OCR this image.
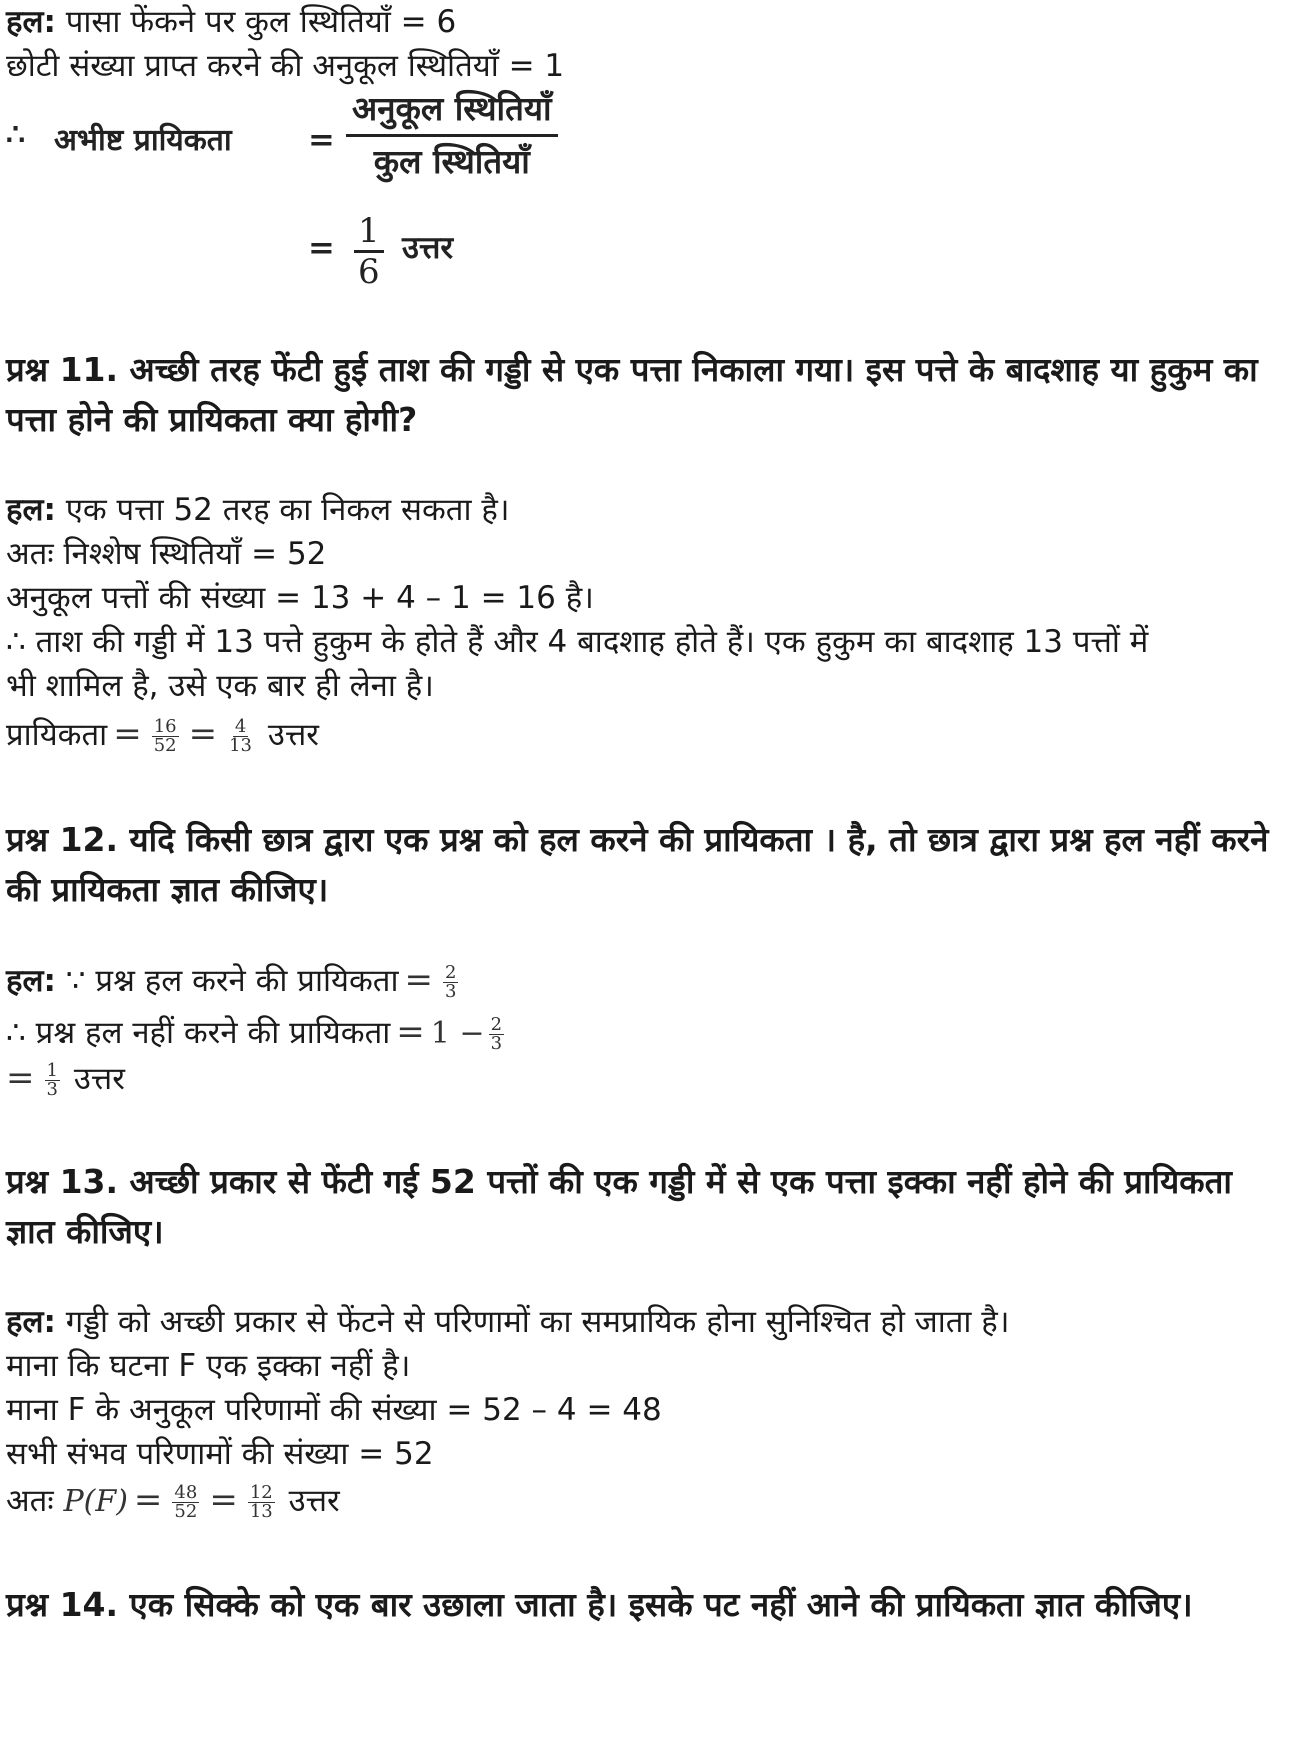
हल: पासा फेंकने पर कुल स्थितियाँ = 6
छोटी संख्या प्राप्त करने की अनुकूल स्थितियाँ = 1
∴ अभीष्ट प्रायिकता =
अनुकूल स्थितियाँ
कुल स्थितियाँ
= $\frac{1}{6}$ उत्तर
प्रश्न 11. अच्छी तरह फेंटी हुई ताश की गड्डी से एक पत्ता निकाला गया। इस पत्ते के बादशाह या हुकुम का पत्ता होने की प्रायिकता क्या होगी?
हल: एक पत्ता 52 तरह का निकल सकता है।
अतः निश्शेष स्थितियाँ = 52
अनुकूल पत्तों की संख्या = 13 + 4 – 1 = 16 है।
∴ ताश की गड्डी में 13 पत्ते हुकुम के होते हैं और 4 बादशाह होते हैं। एक हुकुम का बादशाह 13 पत्तों में
भी शामिल है, उसे एक बार ही लेना है।
प्रायिकता = $\frac{16}{52} = \frac{4}{13}$ उत्तर
प्रश्न 12. यदि किसी छात्र द्वारा एक प्रश्न को हल करने की प्रायिकता । है, तो छात्र द्वारा प्रश्न हल नहीं करने की प्रायिकता ज्ञात कीजिए।
हल: ∵ प्रश्न हल करने की प्रायिकता = $\frac{2}{3}$
∴ प्रश्न हल नहीं करने की प्रायिकता = $1 - \frac{2}{3}$
= $\frac{1}{3}$ उत्तर
प्रश्न 13. अच्छी प्रकार से फेंटी गई 52 पत्तों की एक गड्डी में से एक पत्ता इक्का नहीं होने की प्रायिकता ज्ञात कीजिए।
हल: गड्डी को अच्छी प्रकार से फेंटने से परिणामों का समप्रायिक होना सुनिश्चित हो जाता है।
माना कि घटना F एक इक्का नहीं है।
माना F के अनुकूल परिणामों की संख्या = 52 – 4 = 48
सभी संभव परिणामों की संख्या = 52
अतः $P(F) = \frac{48}{52} = \frac{12}{13}$ उत्तर
प्रश्न 14. एक सिक्के को एक बार उछाला जाता है। इसके पट नहीं आने की प्रायिकता ज्ञात कीजिए।
